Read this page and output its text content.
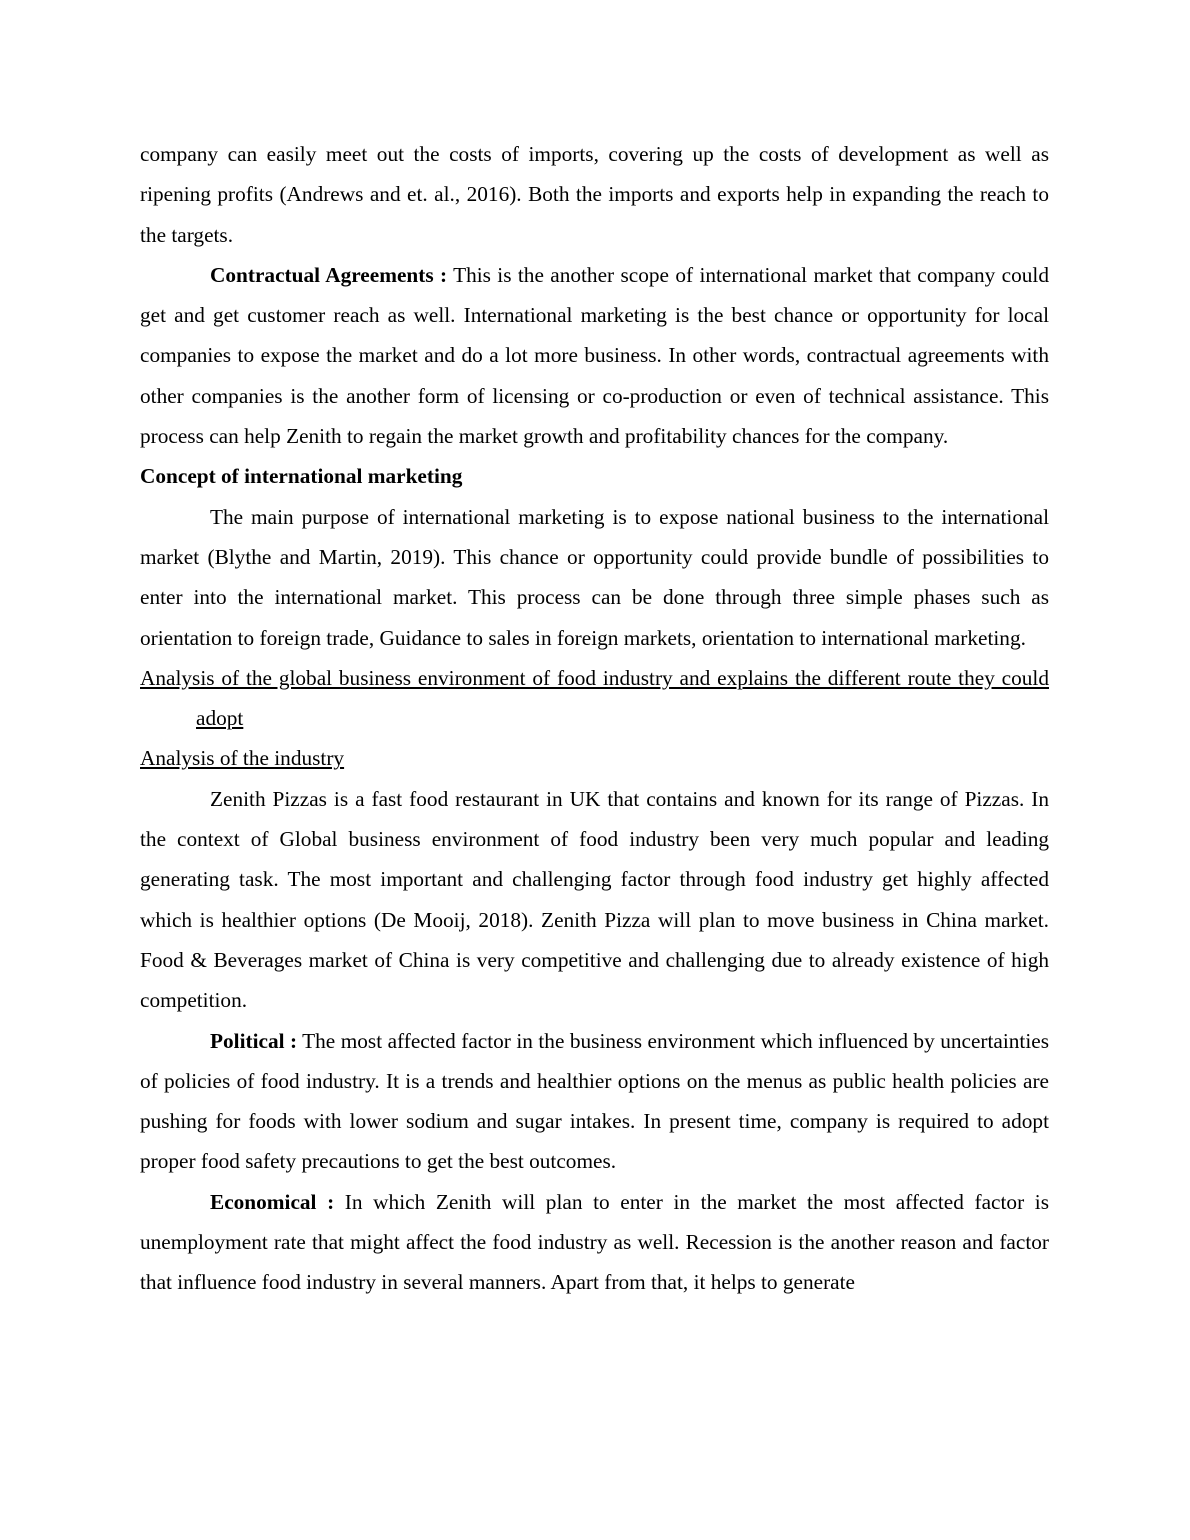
company can easily meet out the costs of imports, covering up the costs of development as well as ripening profits (Andrews and et. al., 2016). Both the imports and exports help in expanding the reach to the targets.

Contractual Agreements : This is the another scope of international market that company could get and get customer reach as well. International marketing is the best chance or opportunity for local companies to expose the market and do a lot more business. In other words, contractual agreements with other companies is the another form of licensing or co-production or even of technical assistance. This process can help Zenith to regain the market growth and profitability chances for the company.

Concept of international marketing

The main purpose of international marketing is to expose national business to the international market (Blythe and Martin, 2019). This chance or opportunity could provide bundle of possibilities to enter into the international market. This process can be done through three simple phases such as orientation to foreign trade, Guidance to sales in foreign markets, orientation to international marketing.

Analysis of the global business environment of food industry and explains the different route they could adopt

Analysis of the industry

Zenith Pizzas is a fast food restaurant in UK that contains and known for its range of Pizzas. In the context of Global business environment of food industry been very much popular and leading generating task. The most important and challenging factor through food industry get highly affected which is healthier options (De Mooij, 2018). Zenith Pizza will plan to move business in China market. Food & Beverages market of China is very competitive and challenging due to already existence of high competition.

Political : The most affected factor in the business environment which influenced by uncertainties of policies of food industry. It is a trends and healthier options on the menus as public health policies are pushing for foods with lower sodium and sugar intakes. In present time, company is required to adopt proper food safety precautions to get the best outcomes.

Economical : In which Zenith will plan to enter in the market the most affected factor is unemployment rate that might affect the food industry as well. Recession is the another reason and factor that influence food industry in several manners. Apart from that, it helps to generate
